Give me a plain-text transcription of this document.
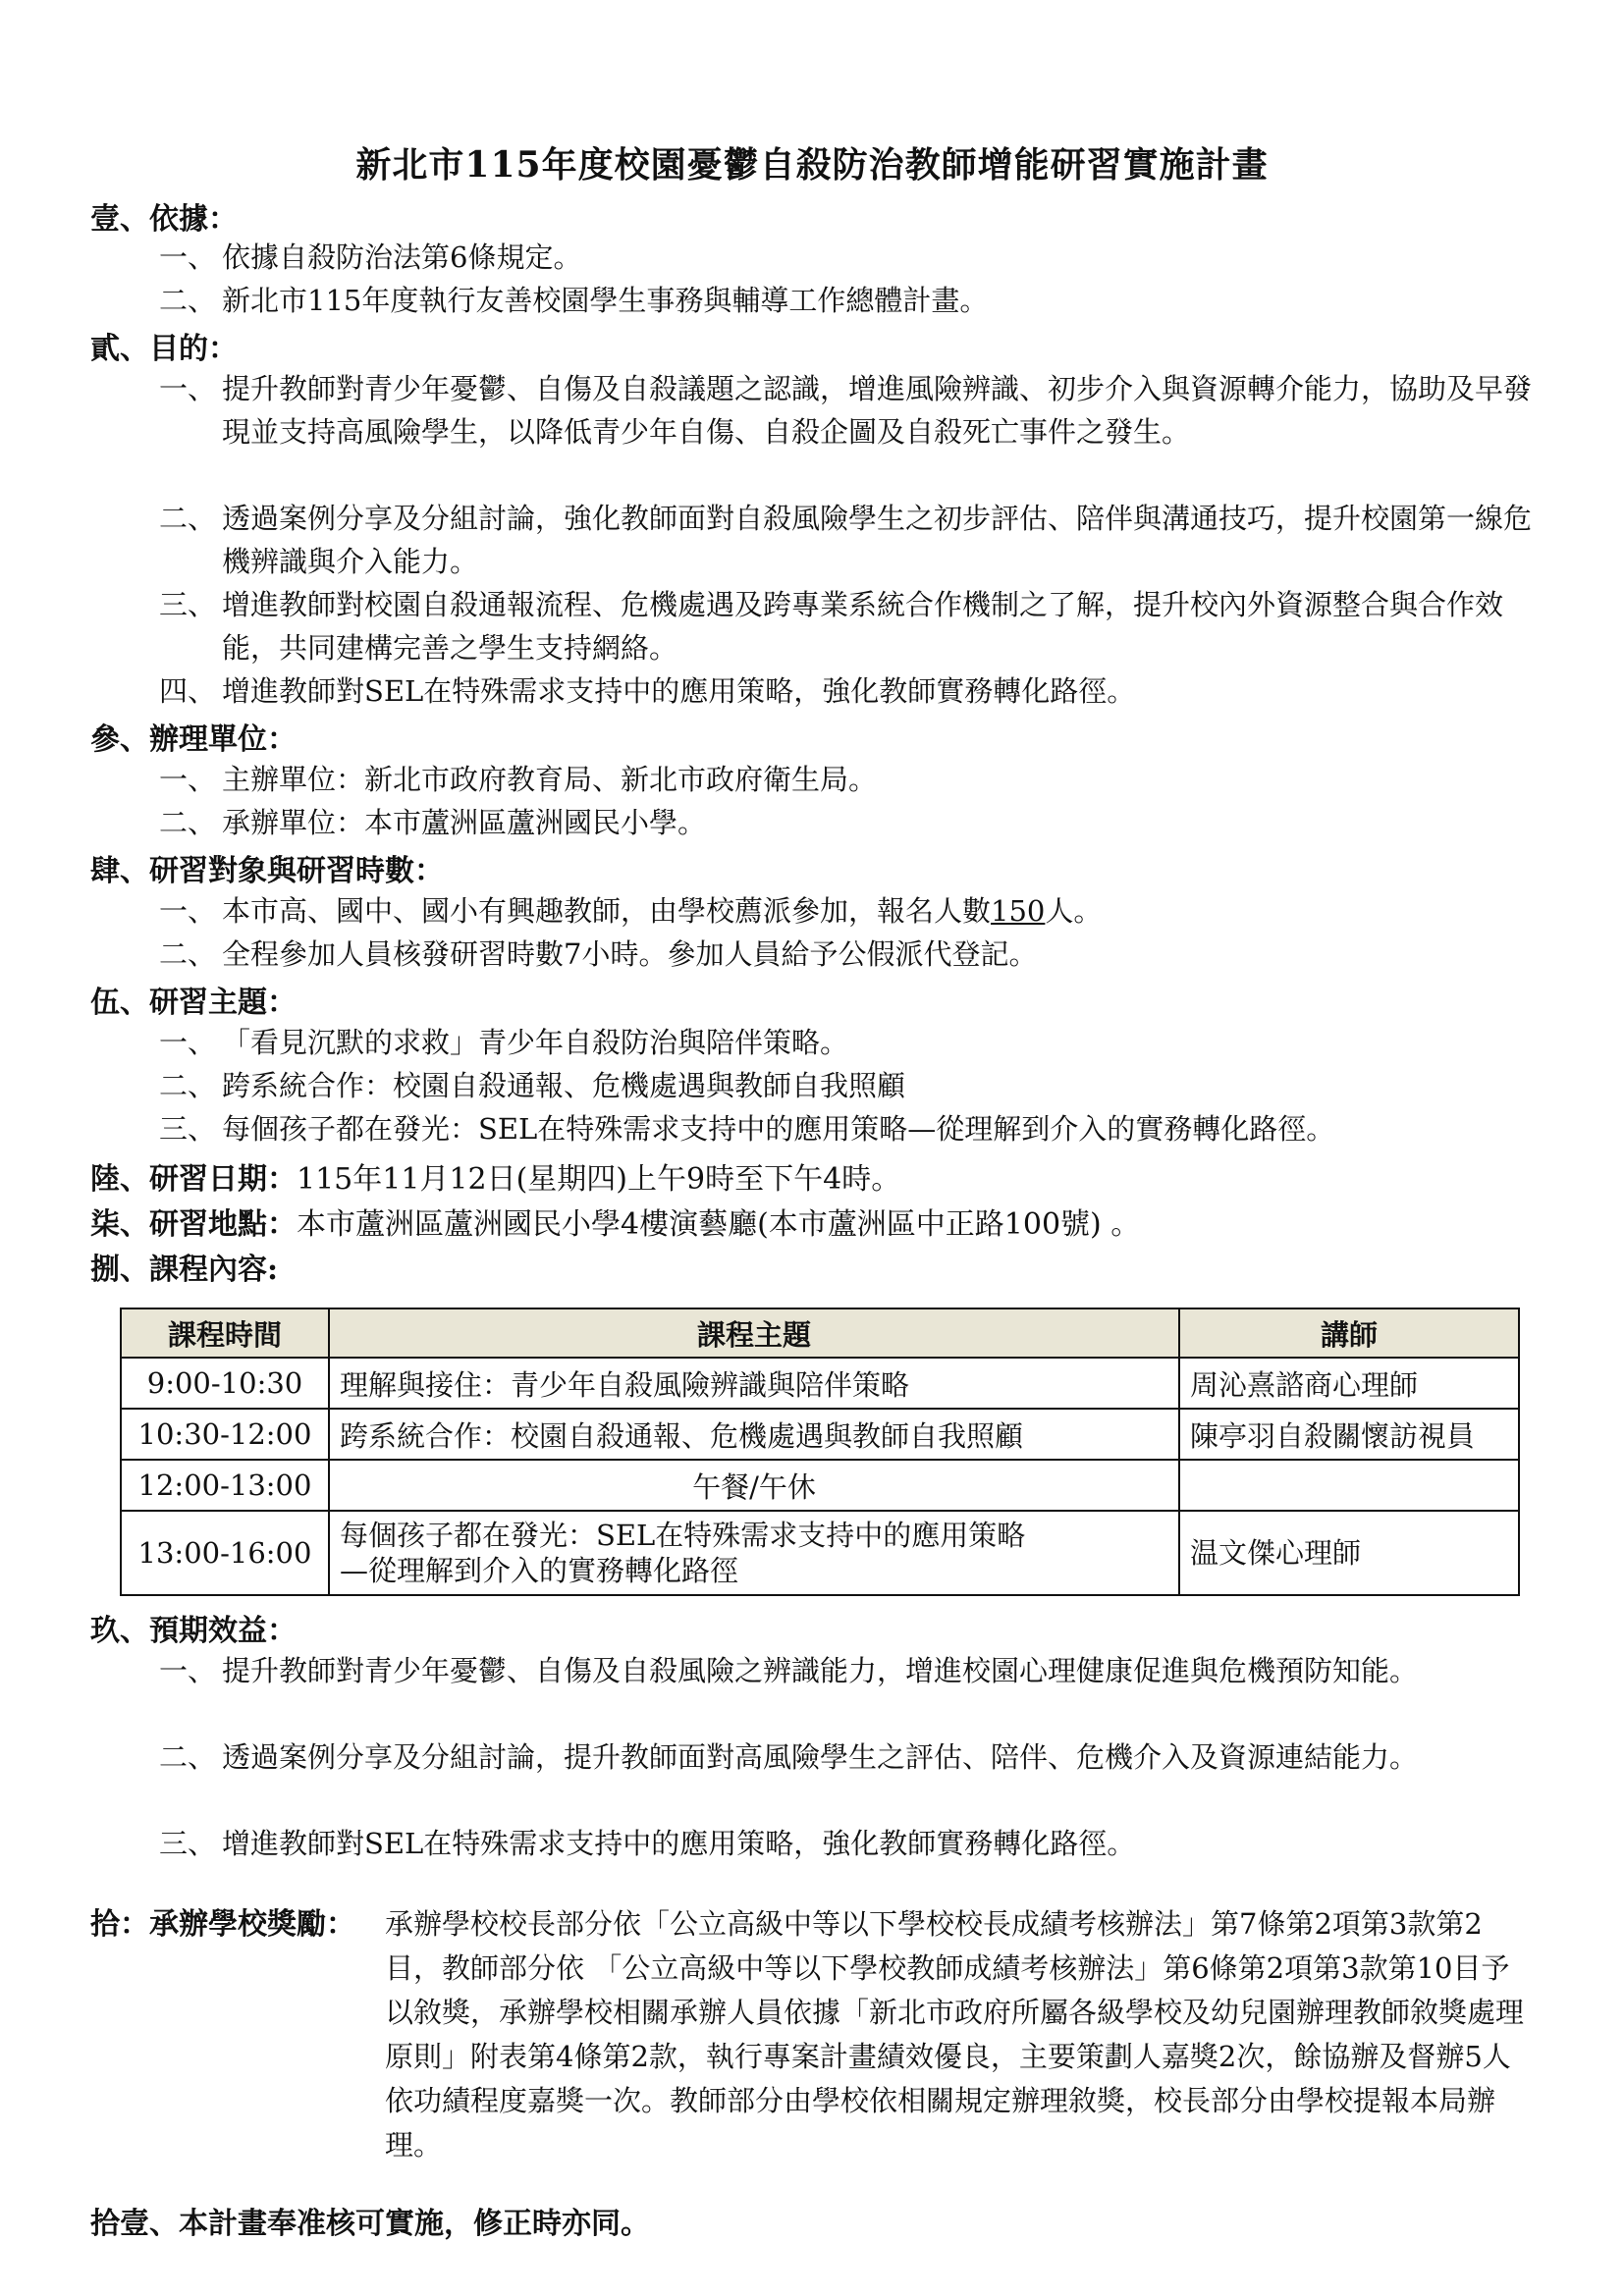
新北市115年度校園憂鬱自殺防治教師增能研習實施計畫
壹、依據：
一、 依據自殺防治法第6條規定。
二、 新北市115年度執行友善校園學生事務與輔導工作總體計畫。
貳、目的：
一、 提升教師對青少年憂鬱、自傷及自殺議題之認識，增進風險辨識、初步介入與資源轉介能力，協助及早發現並支持高風險學生，以降低青少年自傷、自殺企圖及自殺死亡事件之發生。
二、 透過案例分享及分組討論，強化教師面對自殺風險學生之初步評估、陪伴與溝通技巧，提升校園第一線危機辨識與介入能力。
三、 增進教師對校園自殺通報流程、危機處遇及跨專業系統合作機制之了解，提升校內外資源整合與合作效能，共同建構完善之學生支持網絡。
四、 增進教師對SEL在特殊需求支持中的應用策略，強化教師實務轉化路徑。
參、辦理單位：
一、 主辦單位：新北市政府教育局、新北市政府衛生局。
二、 承辦單位：本市蘆洲區蘆洲國民小學。
肆、研習對象與研習時數：
一、 本市高、國中、國小有興趣教師，由學校薦派參加，報名人數150人。
二、 全程參加人員核發研習時數7小時。參加人員給予公假派代登記。
伍、研習主題：
一、 「看見沉默的求救」青少年自殺防治與陪伴策略。
二、 跨系統合作：校園自殺通報、危機處遇與教師自我照顧
三、 每個孩子都在發光：SEL在特殊需求支持中的應用策略—從理解到介入的實務轉化路徑。
陸、研習日期：115年11月12日(星期四)上午9時至下午4時。
柒、研習地點：本市蘆洲區蘆洲國民小學4樓演藝廳(本市蘆洲區中正路100號) 。
捌、課程內容:
課程時間	課程主題	講師
9:00-10:30	理解與接住：青少年自殺風險辨識與陪伴策略	周沁熹諮商心理師
10:30-12:00	跨系統合作：校園自殺通報、危機處遇與教師自我照顧	陳亭羽自殺關懷訪視員
12:00-13:00	午餐/午休	
13:00-16:00	每個孩子都在發光：SEL在特殊需求支持中的應用策略
—從理解到介入的實務轉化路徑	温文傑心理師
玖、預期效益：
一、 提升教師對青少年憂鬱、自傷及自殺風險之辨識能力，增進校園心理健康促進與危機預防知能。
二、 透過案例分享及分組討論，提升教師面對高風險學生之評估、陪伴、危機介入及資源連結能力。
三、 增進教師對SEL在特殊需求支持中的應用策略，強化教師實務轉化路徑。
拾：承辦學校獎勵：	承辦學校校長部分依「公立高級中等以下學校校長成績考核辦法」第7條第2項第3款第2目，教師部分依 「公立高級中等以下學校教師成績考核辦法」第6條第2項第3款第10目予以敘獎，承辦學校相關承辦人員依據「新北市政府所屬各級學校及幼兒園辦理教師敘獎處理原則」附表第4條第2款，執行專案計畫績效優良，主要策劃人嘉獎2次，餘協辦及督辦5人依功績程度嘉獎一次。教師部分由學校依相關規定辦理敘獎，校長部分由學校提報本局辦理。
拾壹、本計畫奉准核可實施，修正時亦同。
